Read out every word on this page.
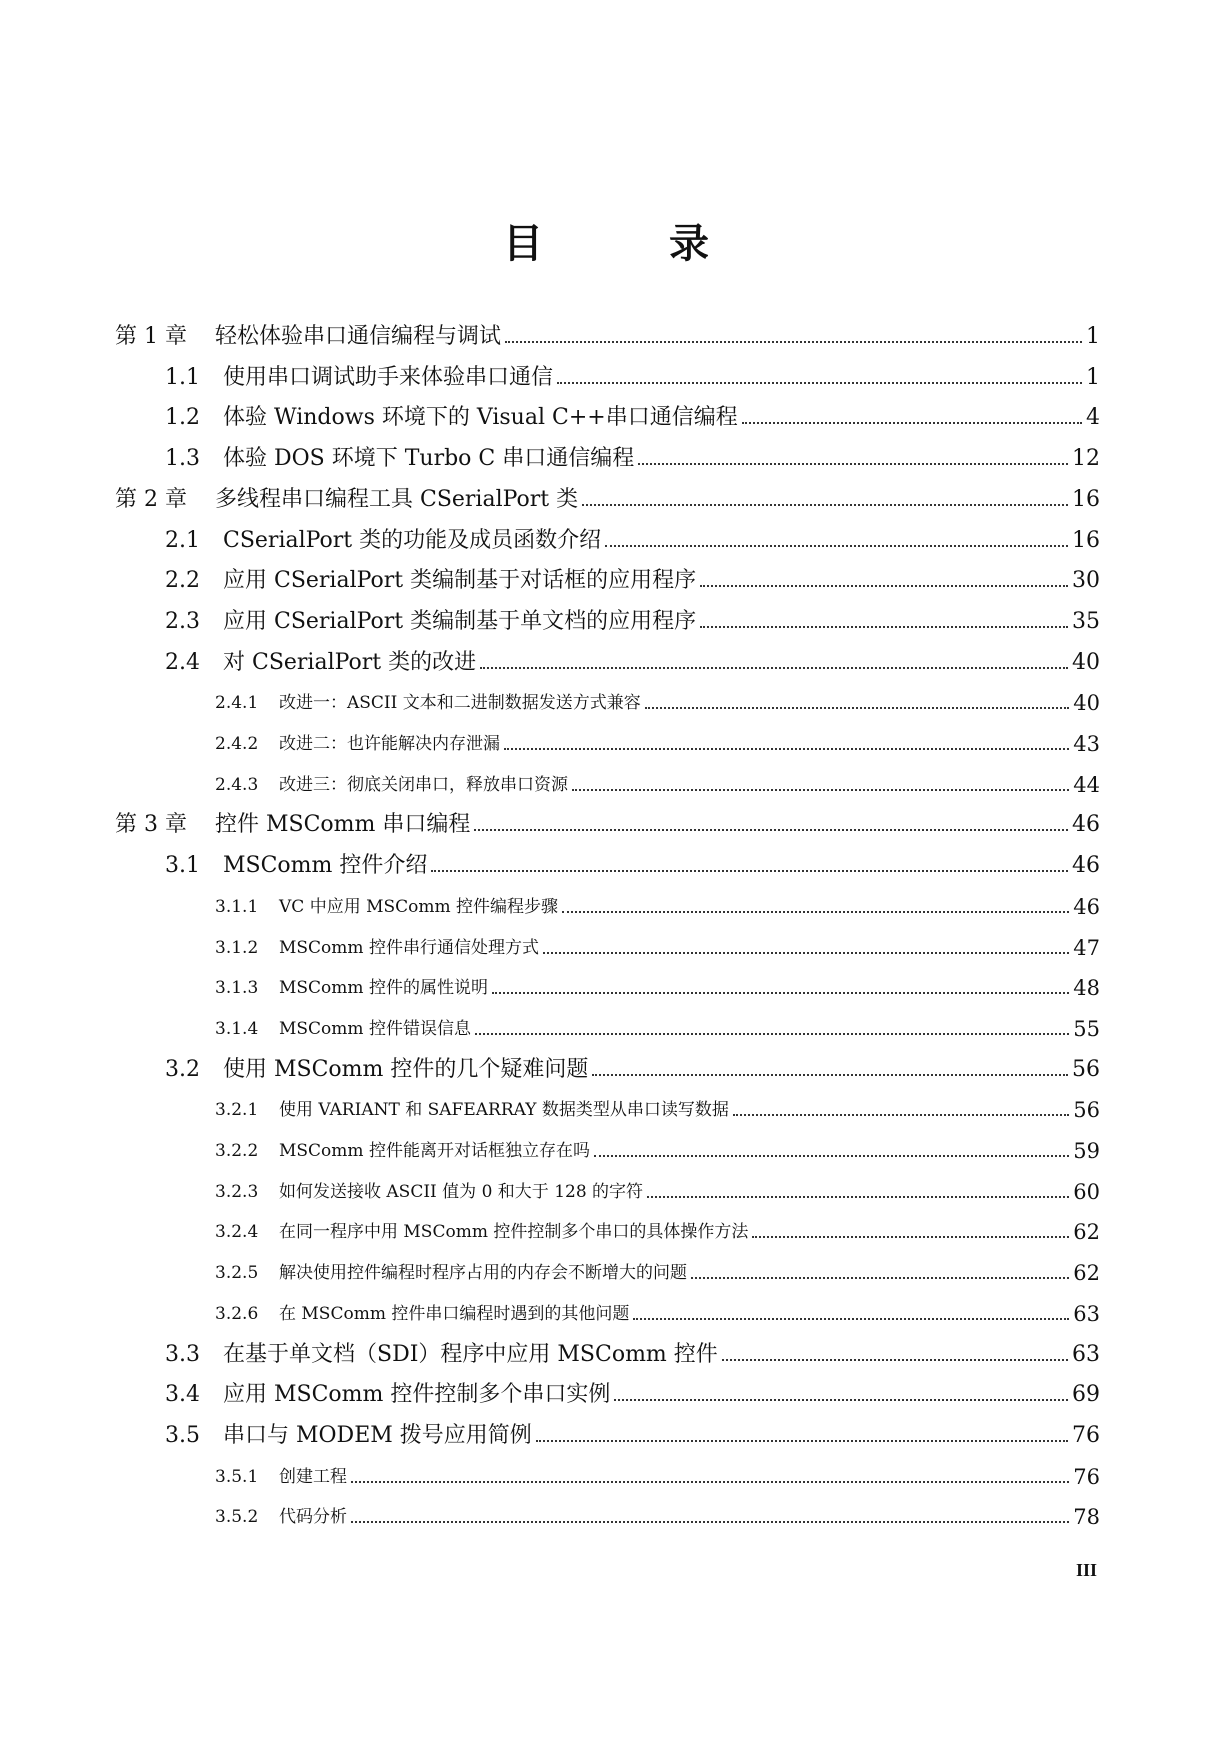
目 录
第 1 章	轻松体验串口通信编程与调试	1
1.1	使用串口调试助手来体验串口通信	1
1.2	体验 Windows 环境下的 Visual C++串口通信编程	4
1.3	体验 DOS 环境下 Turbo C 串口通信编程	12
第 2 章	多线程串口编程工具 CSerialPort 类	16
2.1	CSerialPort 类的功能及成员函数介绍	16
2.2	应用 CSerialPort 类编制基于对话框的应用程序	30
2.3	应用 CSerialPort 类编制基于单文档的应用程序	35
2.4	对 CSerialPort 类的改进	40
2.4.1	改进一：ASCII 文本和二进制数据发送方式兼容	40
2.4.2	改进二：也许能解决内存泄漏	43
2.4.3	改进三：彻底关闭串口，释放串口资源	44
第 3 章	控件 MSComm 串口编程	46
3.1	MSComm 控件介绍	46
3.1.1	VC 中应用 MSComm 控件编程步骤	46
3.1.2	MSComm 控件串行通信处理方式	47
3.1.3	MSComm 控件的属性说明	48
3.1.4	MSComm 控件错误信息	55
3.2	使用 MSComm 控件的几个疑难问题	56
3.2.1	使用 VARIANT 和 SAFEARRAY 数据类型从串口读写数据	56
3.2.2	MSComm 控件能离开对话框独立存在吗	59
3.2.3	如何发送接收 ASCII 值为 0 和大于 128 的字符	60
3.2.4	在同一程序中用 MSComm 控件控制多个串口的具体操作方法	62
3.2.5	解决使用控件编程时程序占用的内存会不断增大的问题	62
3.2.6	在 MSComm 控件串口编程时遇到的其他问题	63
3.3	在基于单文档（SDI）程序中应用 MSComm 控件	63
3.4	应用 MSComm 控件控制多个串口实例	69
3.5	串口与 MODEM 拨号应用简例	76
3.5.1	创建工程	76
3.5.2	代码分析	78
III
